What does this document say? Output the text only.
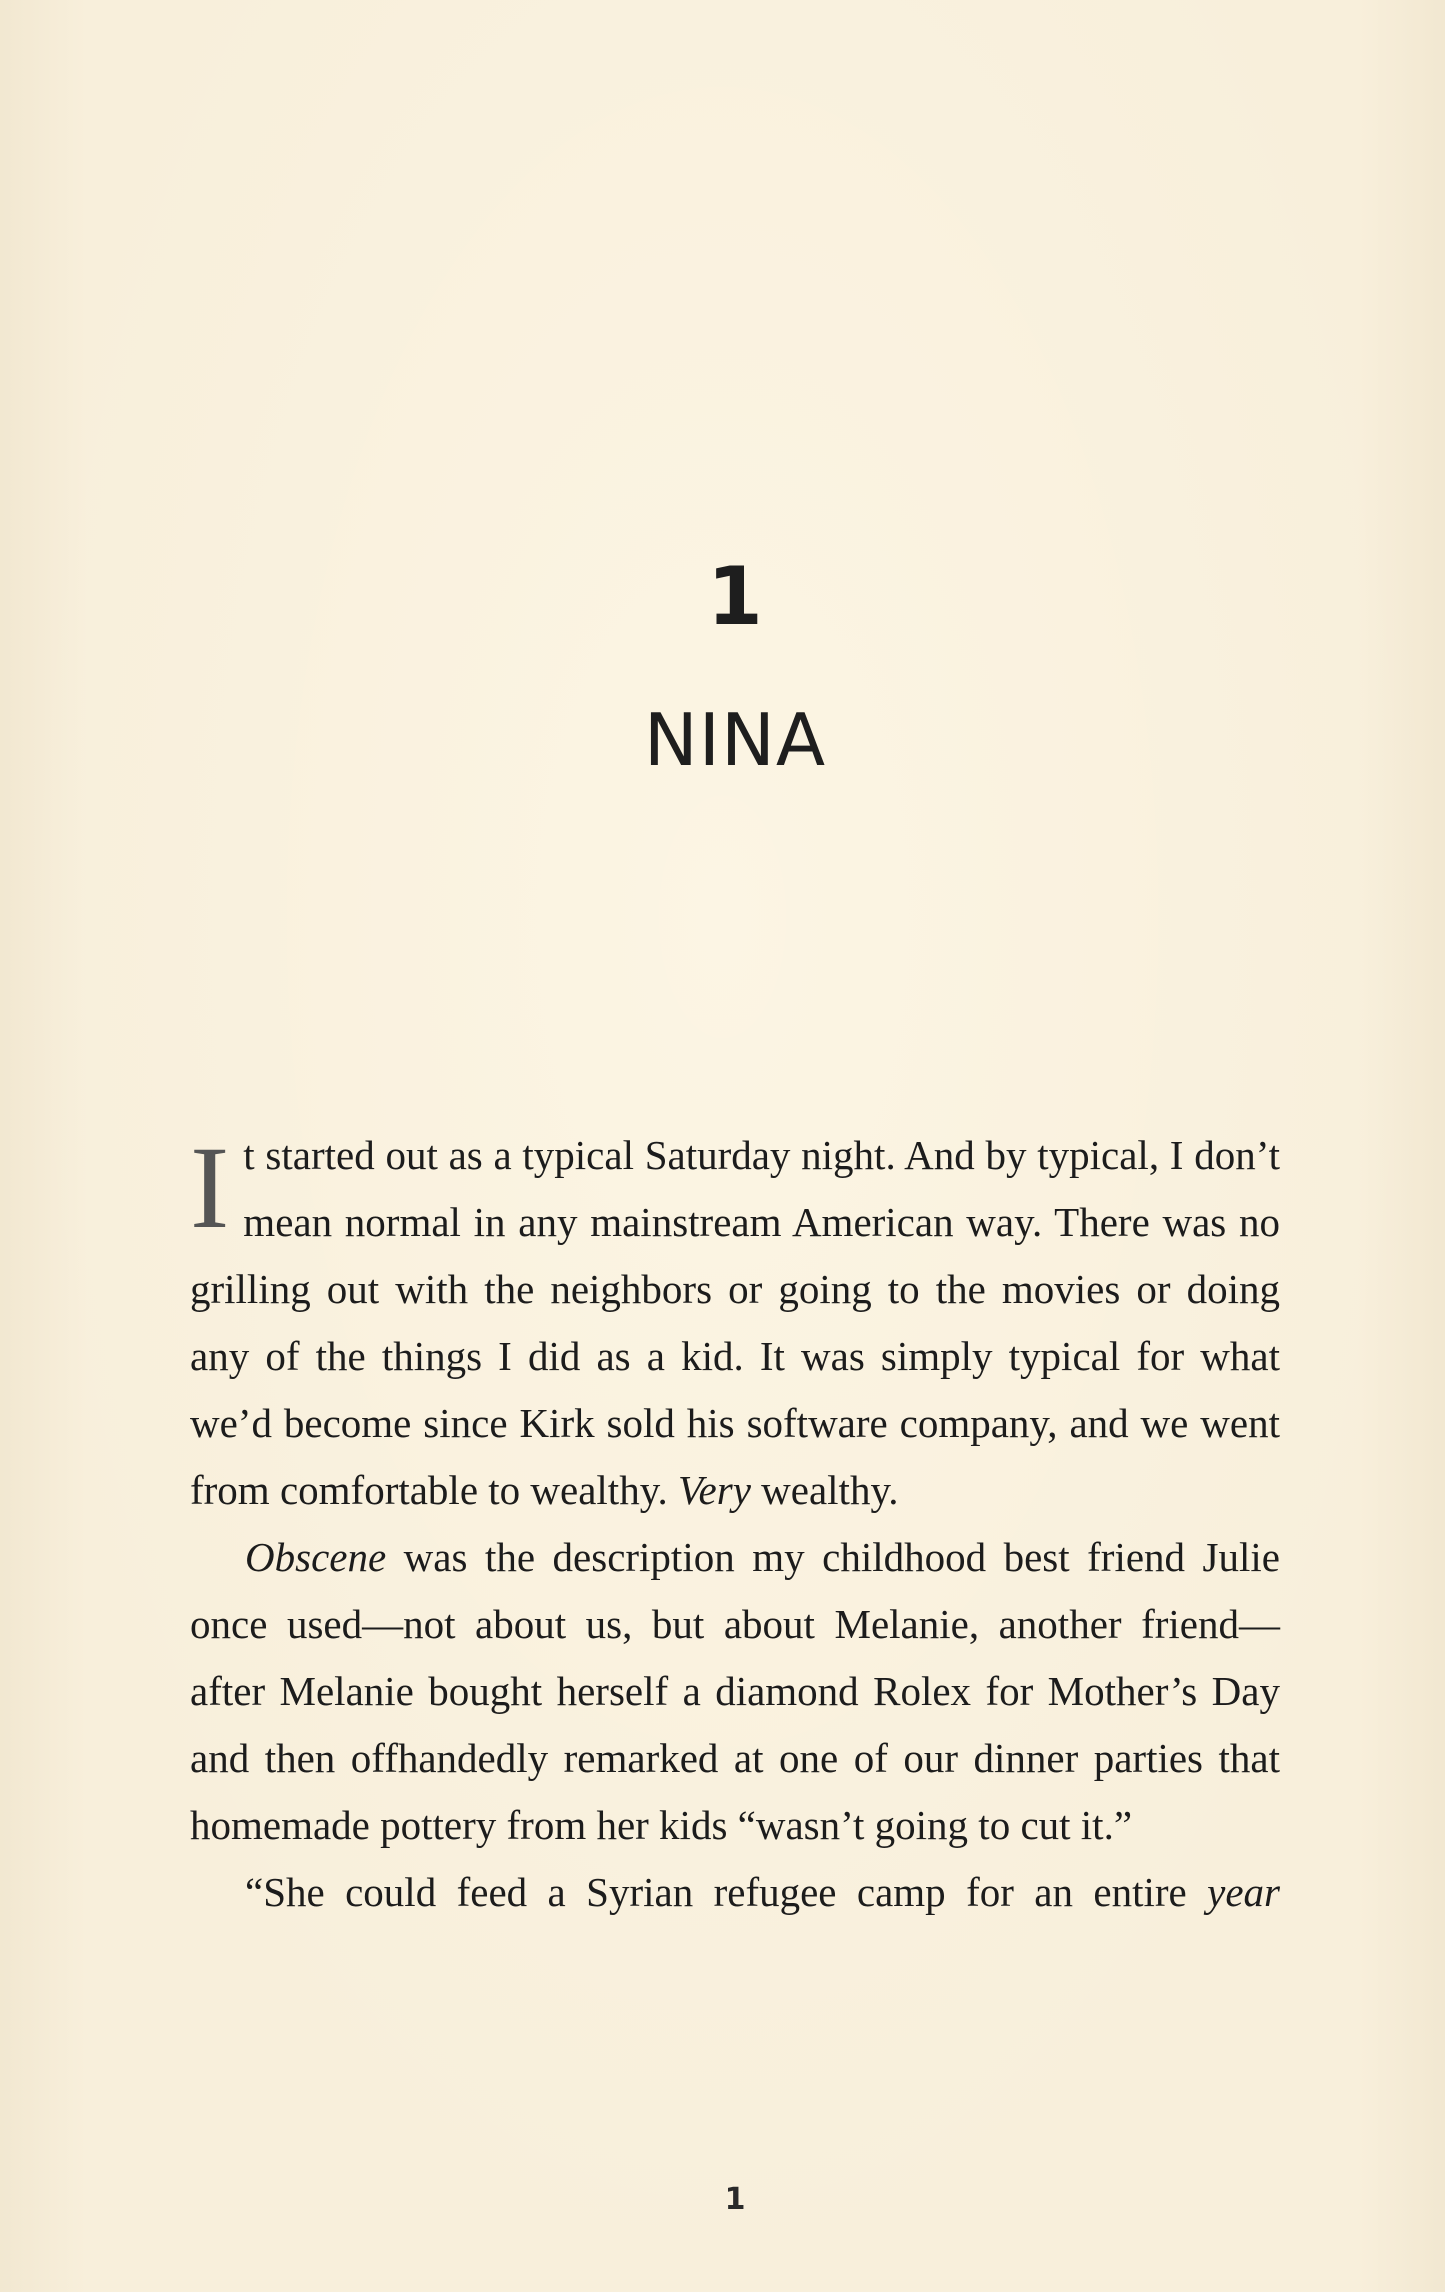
1
NINA

It started out as a typical Saturday night. And by typical, I don’t mean normal in any mainstream American way. There was no grilling out with the neighbors or going to the movies or doing any of the things I did as a kid. It was simply typical for what we’d become since Kirk sold his software company, and we went from comfortable to wealthy. Very wealthy.

Obscene was the description my childhood best friend Julie once used—not about us, but about Melanie, another friend—after Melanie bought herself a diamond Rolex for Mother’s Day and then offhandedly remarked at one of our dinner parties that homemade pottery from her kids “wasn’t going to cut it.”

“She could feed a Syrian refugee camp for an entire year

1
